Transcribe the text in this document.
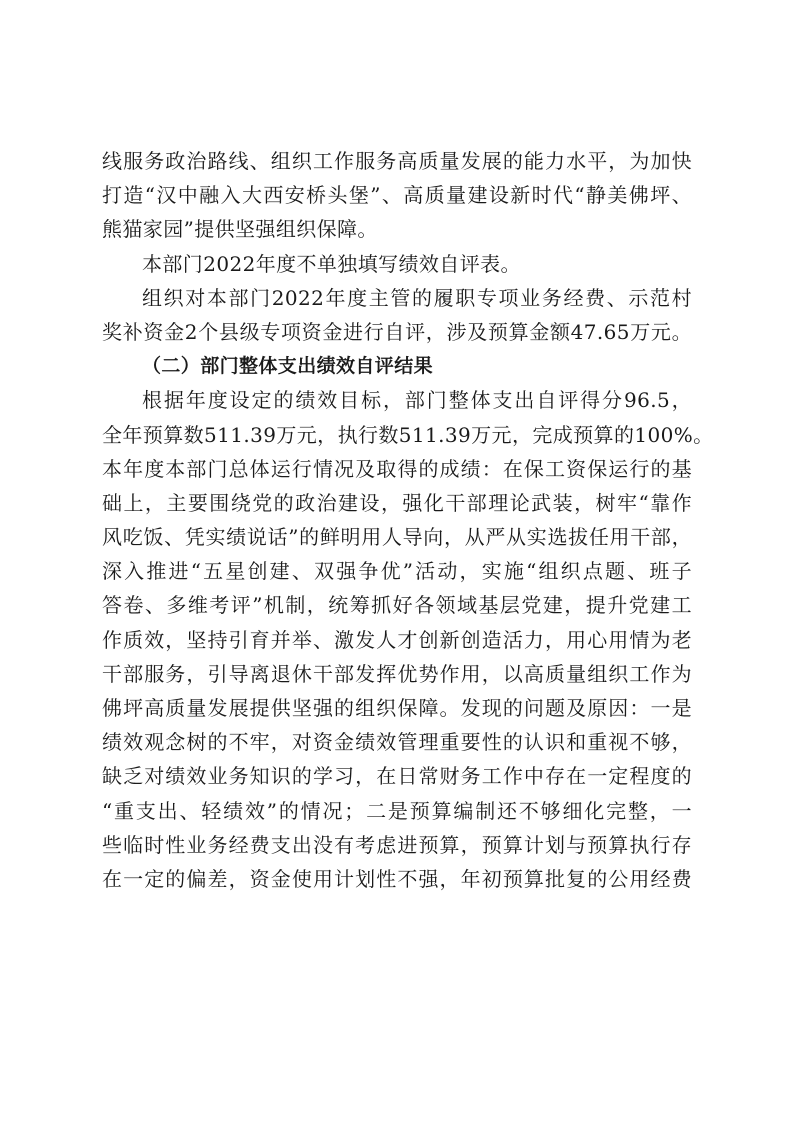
线服务政治路线、组织工作服务高质量发展的能力水平，为加快
打造“汉中融入大西安桥头堡”、高质量建设新时代“静美佛坪、
熊猫家园”提供坚强组织保障。
本部门2022年度不单独填写绩效自评表。
组织对本部门2022年度主管的履职专项业务经费、示范村
奖补资金2个县级专项资金进行自评，涉及预算金额47.65万元。
（二）部门整体支出绩效自评结果
根据年度设定的绩效目标，部门整体支出自评得分96.5，
全年预算数511.39万元，执行数511.39万元，完成预算的100%。
本年度本部门总体运行情况及取得的成绩：在保工资保运行的基
础上，主要围绕党的政治建设，强化干部理论武装，树牢“靠作
风吃饭、凭实绩说话”的鲜明用人导向，从严从实选拔任用干部，
深入推进“五星创建、双强争优”活动，实施“组织点题、班子
答卷、多维考评”机制，统筹抓好各领域基层党建，提升党建工
作质效，坚持引育并举、激发人才创新创造活力，用心用情为老
干部服务，引导离退休干部发挥优势作用，以高质量组织工作为
佛坪高质量发展提供坚强的组织保障。发现的问题及原因：一是
绩效观念树的不牢，对资金绩效管理重要性的认识和重视不够，
缺乏对绩效业务知识的学习，在日常财务工作中存在一定程度的
“重支出、轻绩效”的情况；二是预算编制还不够细化完整，一
些临时性业务经费支出没有考虑进预算，预算计划与预算执行存
在一定的偏差，资金使用计划性不强，年初预算批复的公用经费
